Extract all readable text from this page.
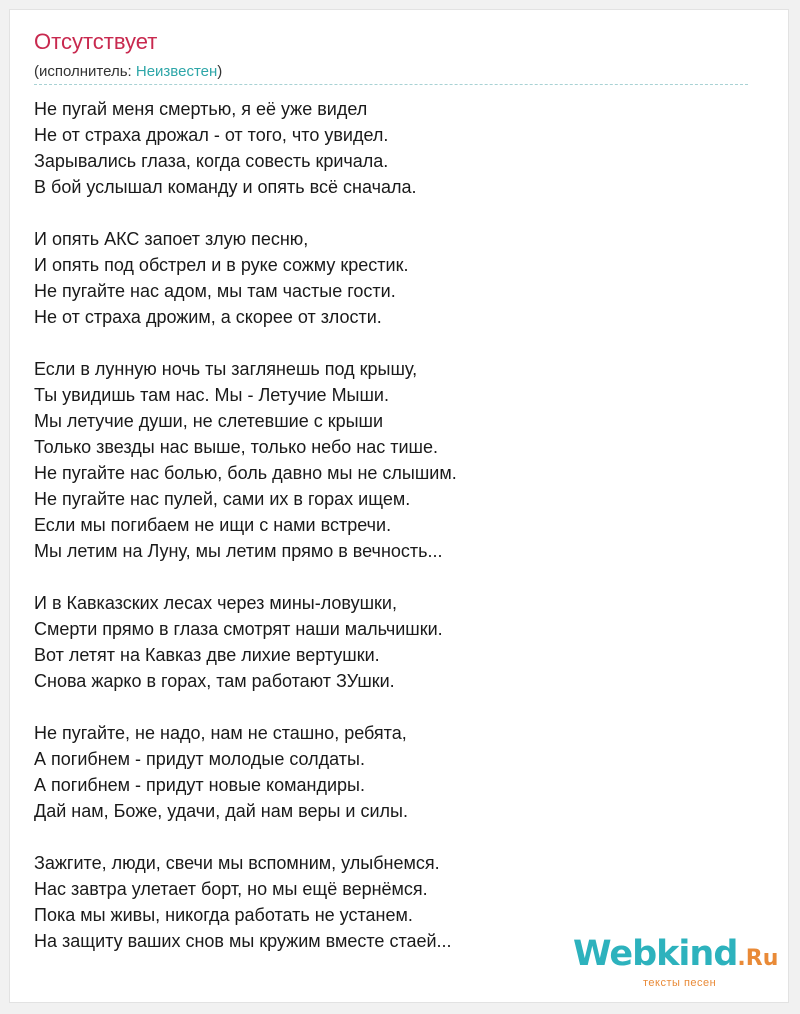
Отсутствует
(исполнитель: Неизвестен)
Не пугай меня смертью, я её уже видел
Не от страха дрожал - от того, что увидел.
Зарывались глаза, когда совесть кричала.
В бой услышал команду и опять всё сначала.
И опять АКС запоет злую песню,
И опять под обстрел и в руке сожму крестик.
Не пугайте нас адом, мы там частые гости.
Не от страха дрожим, а скорее от злости.
Если в лунную ночь ты заглянешь под крышу,
Ты увидишь там нас. Мы - Летучие Мыши.
Мы летучие души, не слетевшие с крыши
Только звезды нас выше, только небо нас тише.
Не пугайте нас болью, боль давно мы не слышим.
Не пугайте нас пулей, сами их в горах ищем.
Если мы погибаем не ищи с нами встречи.
Мы летим на Луну, мы летим прямо в вечность...
И в Кавказских лесах через мины-ловушки,
Смерти прямо в глаза смотрят наши мальчишки.
Вот летят на Кавказ две лихие вертушки.
Снова жарко в горах, там работают ЗУшки.
Не пугайте, не надо, нам не сташно, ребята,
А погибнем - придут молодые солдаты.
А погибнем - придут новые командиры.
Дай нам, Боже, удачи, дай нам веры и силы.
Зажгите, люди, свечи мы вспомним, улыбнемся.
Нас завтра улетает борт, но мы ещё вернёмся.
Пока мы живы, никогда работать не устанем.
На защиту ваших снов мы кружим вместе стаей...	Webkind.Ru
тексты песен
